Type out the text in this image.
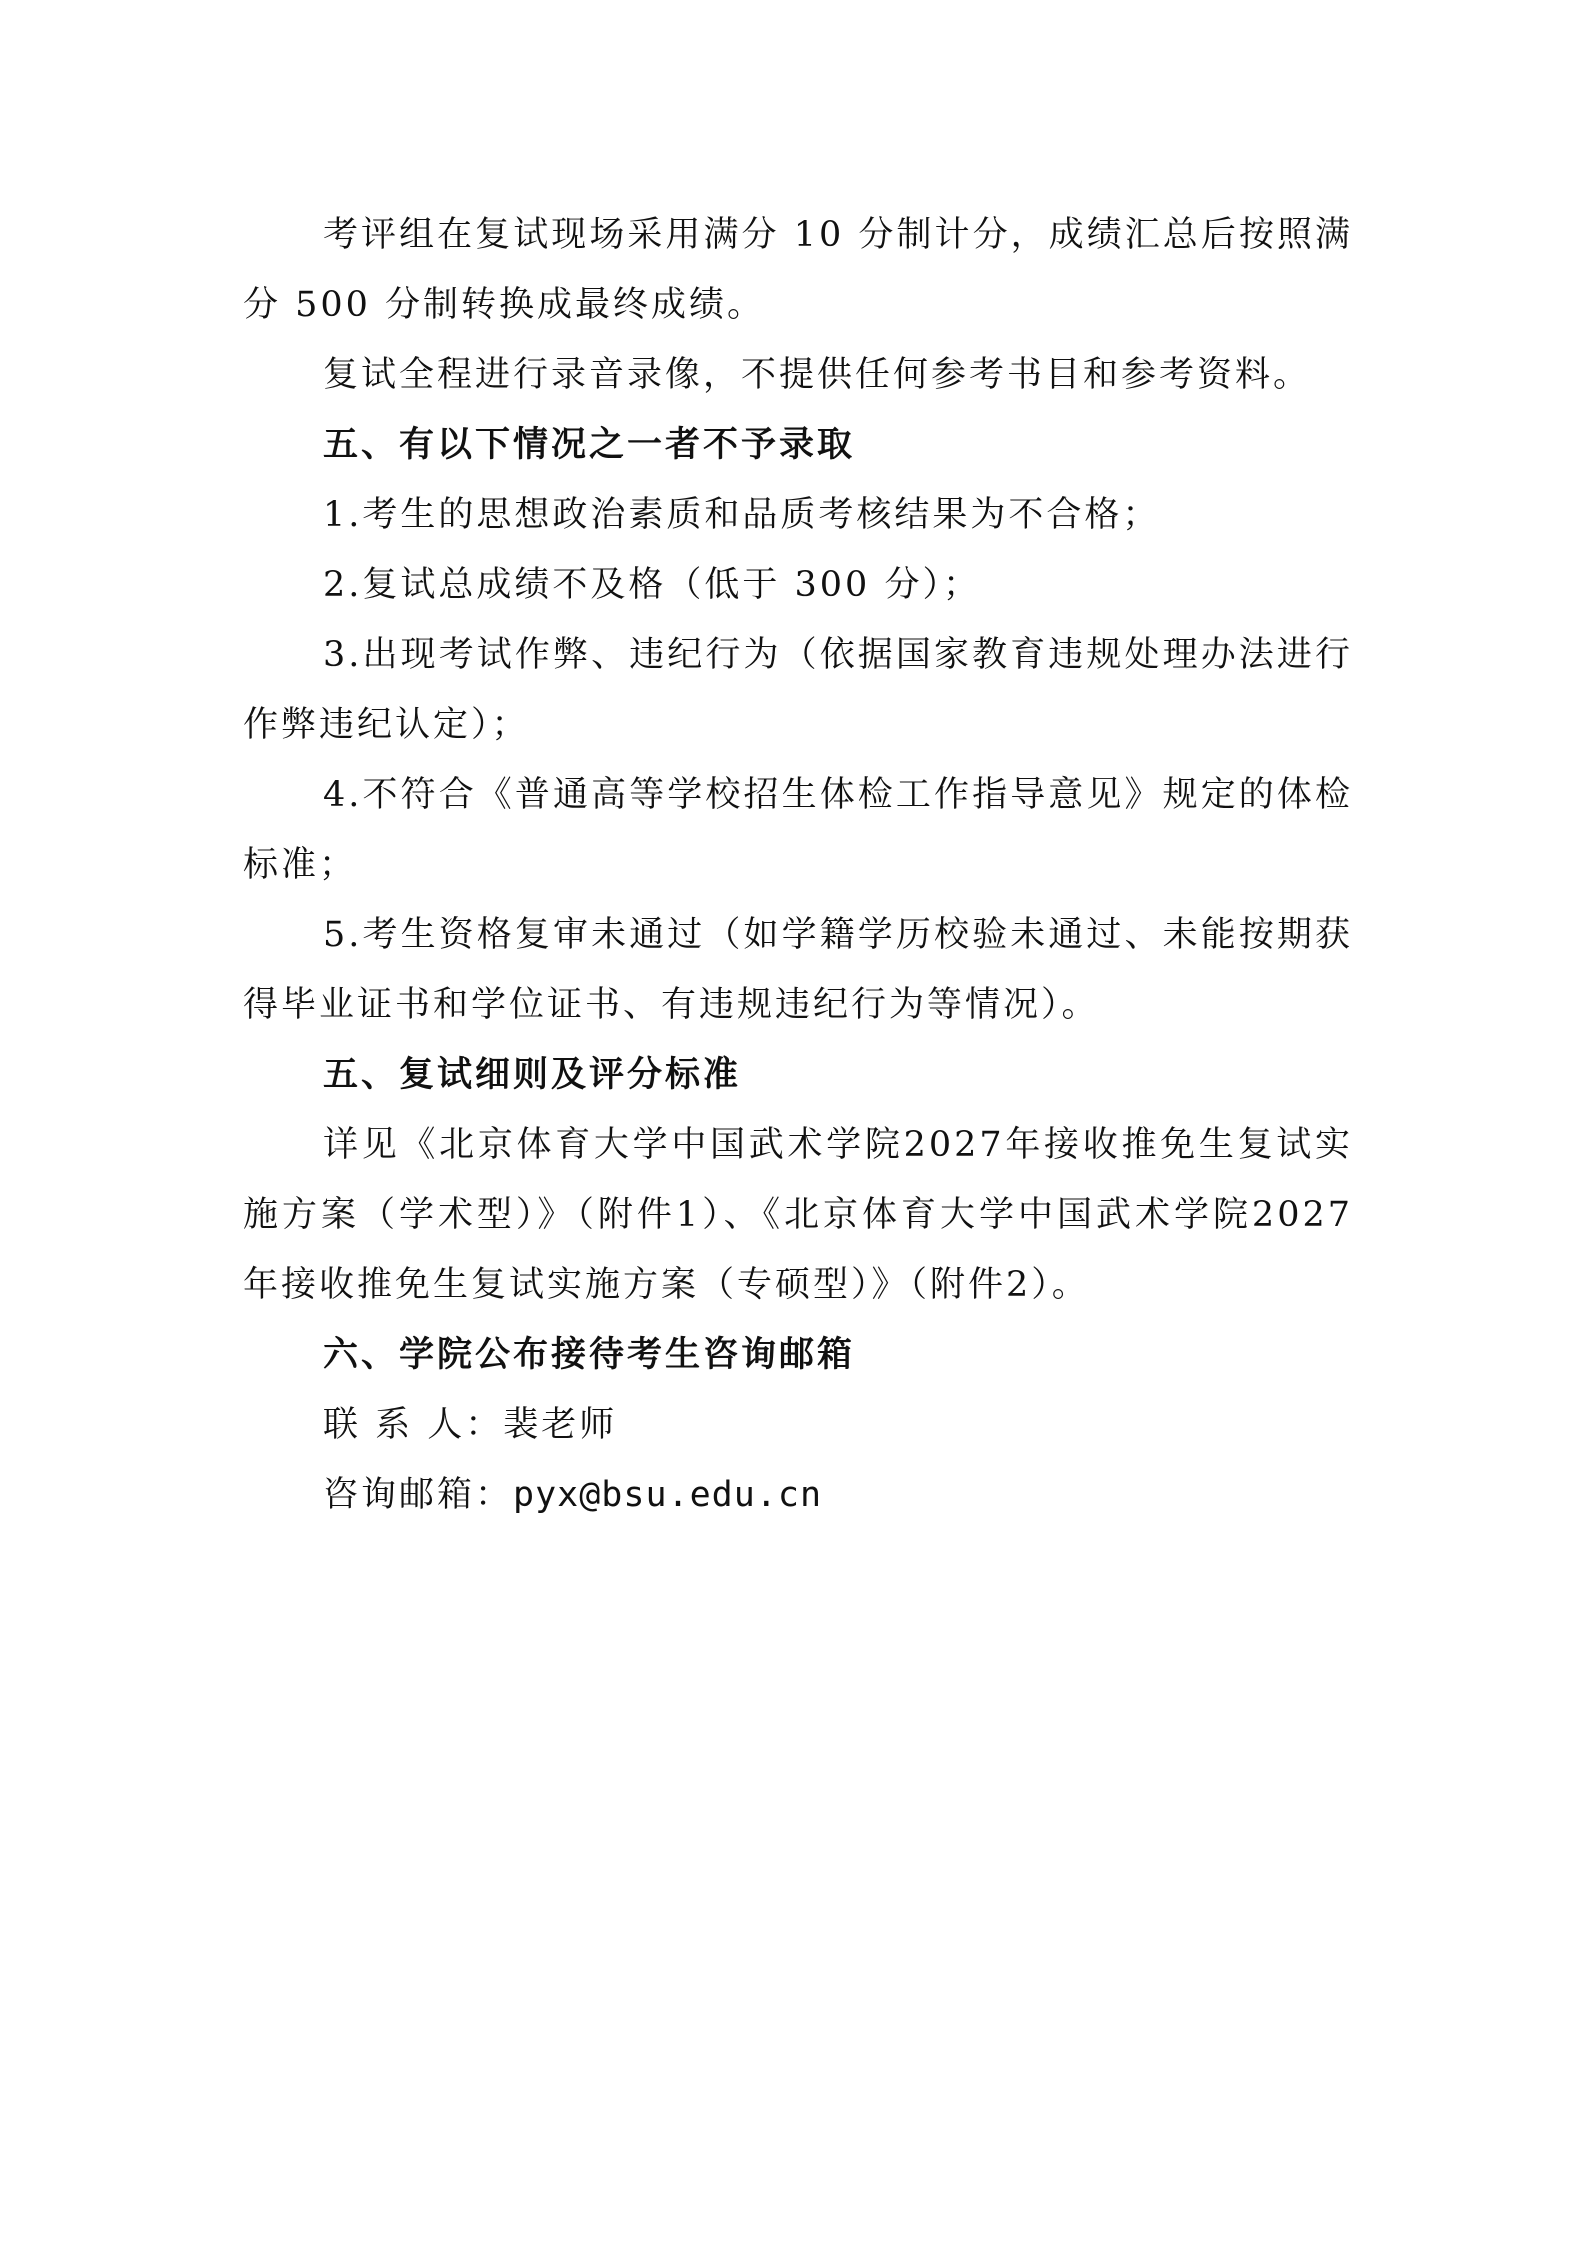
考评组在复试现场采用满分 10 分制计分，成绩汇总后按照满分 500 分制转换成最终成绩。

复试全程进行录音录像，不提供任何参考书目和参考资料。

五、有以下情况之一者不予录取

1.考生的思想政治素质和品质考核结果为不合格；

2.复试总成绩不及格（低于 300 分）；

3.出现考试作弊、违纪行为（依据国家教育违规处理办法进行作弊违纪认定）；

4.不符合《普通高等学校招生体检工作指导意见》规定的体检标准；

5.考生资格复审未通过（如学籍学历校验未通过、未能按期获得毕业证书和学位证书、有违规违纪行为等情况）。

五、复试细则及评分标准

详见《北京体育大学中国武术学院2027年接收推免生复试实施方案（学术型）》（附件1）、《北京体育大学中国武术学院2027年接收推免生复试实施方案（专硕型）》（附件2）。

六、学院公布接待考生咨询邮箱

联 系 人：裴老师

咨询邮箱：pyx@bsu.edu.cn
